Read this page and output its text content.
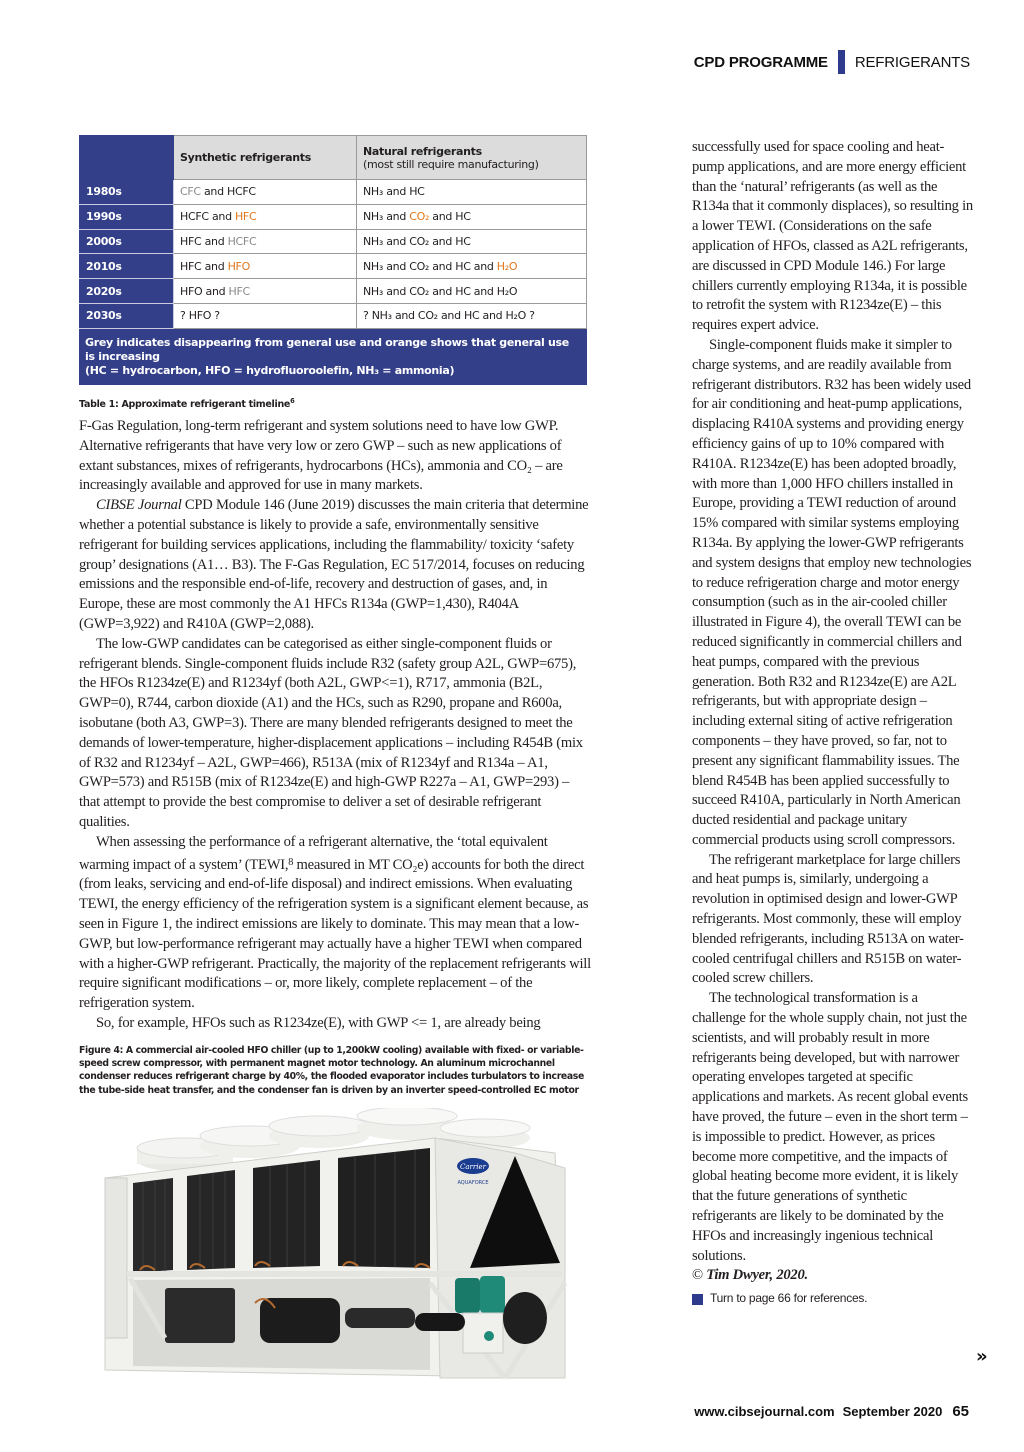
CPD PROGRAMME REFRIGERANTS
	Synthetic refrigerants	Natural refrigerants
(most still require manufacturing)

1980s	CFC and HCFC	NH₃ and HC
1990s	HCFC and HFC	NH₃ and CO₂ and HC
2000s	HFC and HCFC	NH₃ and CO₂ and HC
2010s	HFC and HFO	NH₃ and CO₂ and HC and H₂O
2020s	HFO and HFC	NH₃ and CO₂ and HC and H₂O
2030s	? HFO ?	? NH₃ and CO₂ and HC and H₂O ?
Grey indicates disappearing from general use and orange shows that general use is increasing
(HC = hydrocarbon, HFO = hydrofluoroolefin, NH₃ = ammonia)
Table 1: Approximate refrigerant timeline$^6$

F-Gas Regulation, long-term refrigerant and system solutions need to have low GWP. Alternative refrigerants that have very low or zero GWP – such as new applications of extant substances, mixes of refrigerants, hydrocarbons (HCs), ammonia and CO₂ – are increasingly available and approved for use in many markets.

CIBSE Journal CPD Module 146 (June 2019) discusses the main criteria that determine whether a potential substance is likely to provide a safe, environmentally sensitive refrigerant for building services applications, including the flammability/ toxicity ‘safety group’ designations (A1… B3). The F-Gas Regulation, EC 517/2014, focuses on reducing emissions and the responsible end-of-life, recovery and destruction of gases, and, in Europe, these are most commonly the A1 HFCs R134a (GWP=1,430), R404A (GWP=3,922) and R410A (GWP=2,088).

The low-GWP candidates can be categorised as either single-component fluids or refrigerant blends. Single-component fluids include R32 (safety group A2L, GWP=675), the HFOs R1234ze(E) and R1234yf (both A2L, GWP<=1), R717, ammonia (B2L, GWP=0), R744, carbon dioxide (A1) and the HCs, such as R290, propane and R600a, isobutane (both A3, GWP=3). There are many blended refrigerants designed to meet the demands of lower-temperature, higher-displacement applications – including R454B (mix of R32 and R1234yf – A2L, GWP=466), R513A (mix of R1234yf and R134a – A1, GWP=573) and R515B (mix of R1234ze(E) and high-GWP R227a – A1, GWP=293) – that attempt to provide the best compromise to deliver a set of desirable refrigerant qualities.

When assessing the performance of a refrigerant alternative, the ‘total equivalent warming impact of a system’ (TEWI,$^8$ measured in MT CO₂e) accounts for both the direct (from leaks, servicing and end-of-life disposal) and indirect emissions. When evaluating TEWI, the energy efficiency of the refrigeration system is a significant element because, as seen in Figure 1, the indirect emissions are likely to dominate. This may mean that a low-GWP, but low-performance refrigerant may actually have a higher TEWI when compared with a higher-GWP refrigerant. Practically, the majority of the replacement refrigerants will require significant modifications – or, more likely, complete replacement – of the refrigeration system.

So, for example, HFOs such as R1234ze(E), with GWP <= 1, are already being

Figure 4: A commercial air-cooled HFO chiller (up to 1,200kW cooling) available with fixed- or variable-speed screw compressor, with permanent magnet motor technology. An aluminum microchannel condenser reduces refrigerant charge by 40%, the flooded evaporator includes turbulators to increase the tube-side heat transfer, and the condenser fan is driven by an inverter speed-controlled EC motor
Carrier
AQUAFORCE

successfully used for space cooling and heat-pump applications, and are more energy efficient than the ‘natural’ refrigerants (as well as the R134a that it commonly displaces), so resulting in a lower TEWI. (Considerations on the safe application of HFOs, classed as A2L refrigerants, are discussed in CPD Module 146.) For large chillers currently employing R134a, it is possible to retrofit the system with R1234ze(E) – this requires expert advice.

Single-component fluids make it simpler to charge systems, and are readily available from refrigerant distributors. R32 has been widely used for air conditioning and heat-pump applications, displacing R410A systems and providing energy efficiency gains of up to 10% compared with R410A. R1234ze(E) has been adopted broadly, with more than 1,000 HFO chillers installed in Europe, providing a TEWI reduction of around 15% compared with similar systems employing R134a. By applying the lower-GWP refrigerants and system designs that employ new technologies to reduce refrigeration charge and motor energy consumption (such as in the air-cooled chiller illustrated in Figure 4), the overall TEWI can be reduced significantly in commercial chillers and heat pumps, compared with the previous generation. Both R32 and R1234ze(E) are A2L refrigerants, but with appropriate design – including external siting of active refrigeration components – they have proved, so far, not to present any significant flammability issues. The blend R454B has been applied successfully to succeed R410A, particularly in North American ducted residential and package unitary commercial products using scroll compressors.

The refrigerant marketplace for large chillers and heat pumps is, similarly, undergoing a revolution in optimised design and lower-GWP refrigerants. Most commonly, these will employ blended refrigerants, including R513A on water-cooled centrifugal chillers and R515B on water-cooled screw chillers.

The technological transformation is a challenge for the whole supply chain, not just the scientists, and will probably result in more refrigerants being developed, but with narrower operating envelopes targeted at specific applications and markets. As recent global events have proved, the future – even in the short term – is impossible to predict. However, as prices become more competitive, and the impacts of global heating become more evident, it is likely that the future generations of synthetic refrigerants are likely to be dominated by the HFOs and increasingly ingenious technical solutions.

© Tim Dwyer, 2020.

Turn to page 66 for references.
»
www.cibsejournal.com September 2020 65
